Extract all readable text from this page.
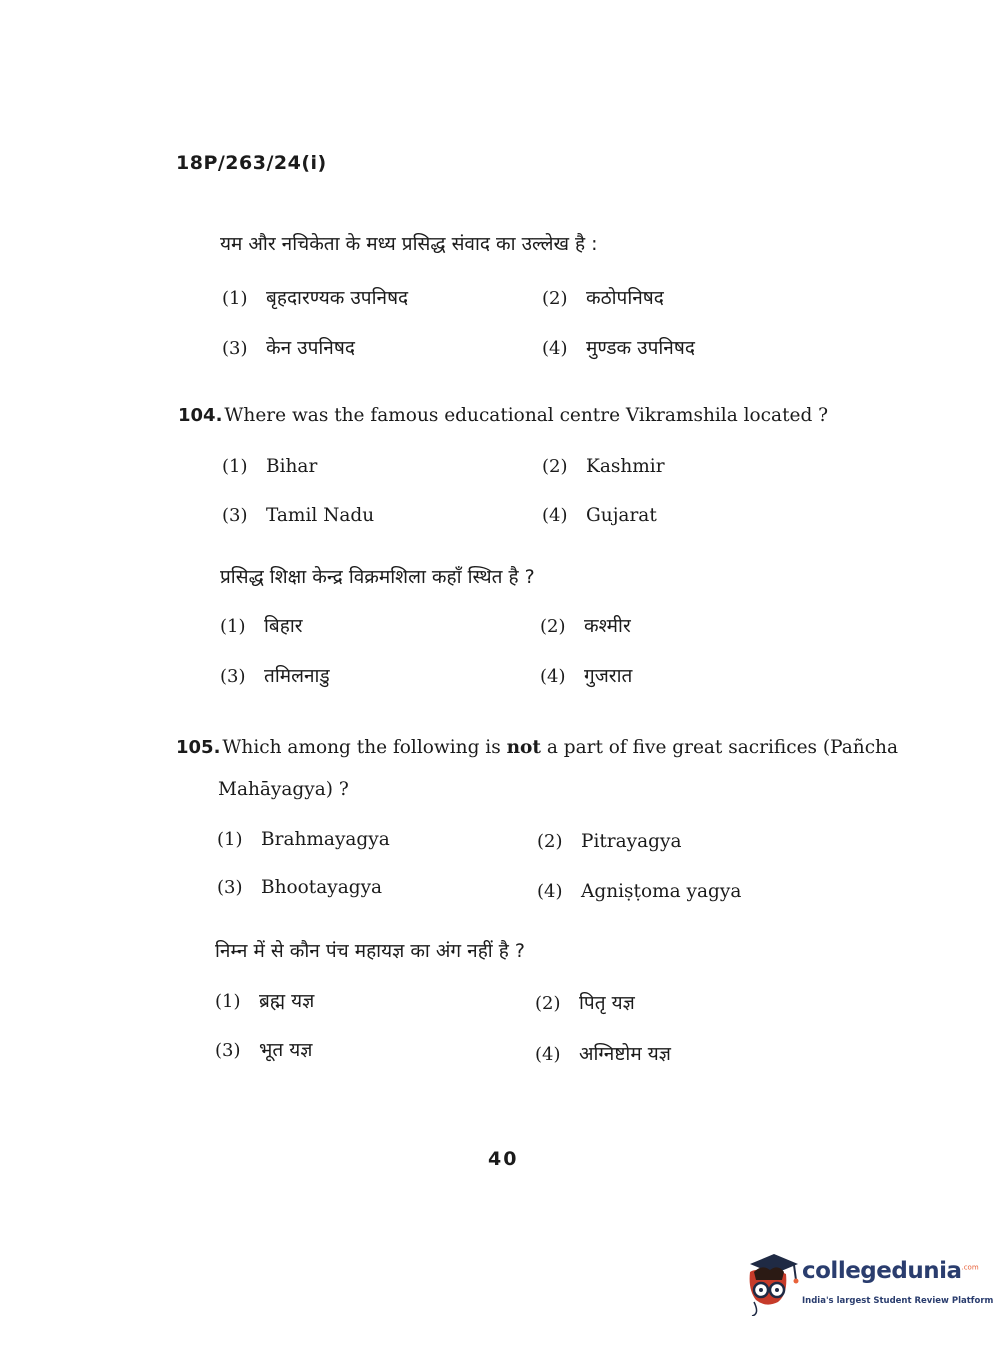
18P/263/24(i)
यम और नचिकेता के मध्य प्रसिद्ध संवाद का उल्लेख है :
(1) बृहदारण्यक उपनिषद	(2) कठोपनिषद
(3) केन उपनिषद	(4) मुण्डक उपनिषद
104. Where was the famous educational centre Vikramshila located ?
(1) Bihar	(2) Kashmir
(3) Tamil Nadu	(4) Gujarat
प्रसिद्ध शिक्षा केन्द्र विक्रमशिला कहाँ स्थित है ?
(1) बिहार	(2) कश्मीर
(3) तमिलनाडु	(4) गुजरात
105. Which among the following is not a part of five great sacrifices (Pañcha
Mahāyagya) ?
(1) Brahmayagya	(2) Pitrayagya
(3) Bhootayagya	(4) Agniṣṭoma yagya
निम्न में से कौन पंच महायज्ञ का अंग नहीं है ?
(1) ब्रह्म यज्ञ	(2) पितृ यज्ञ
(3) भूत यज्ञ	(4) अग्निष्टोम यज्ञ
40
collegedunia$^{.com}$
India's largest Student Review Platform
